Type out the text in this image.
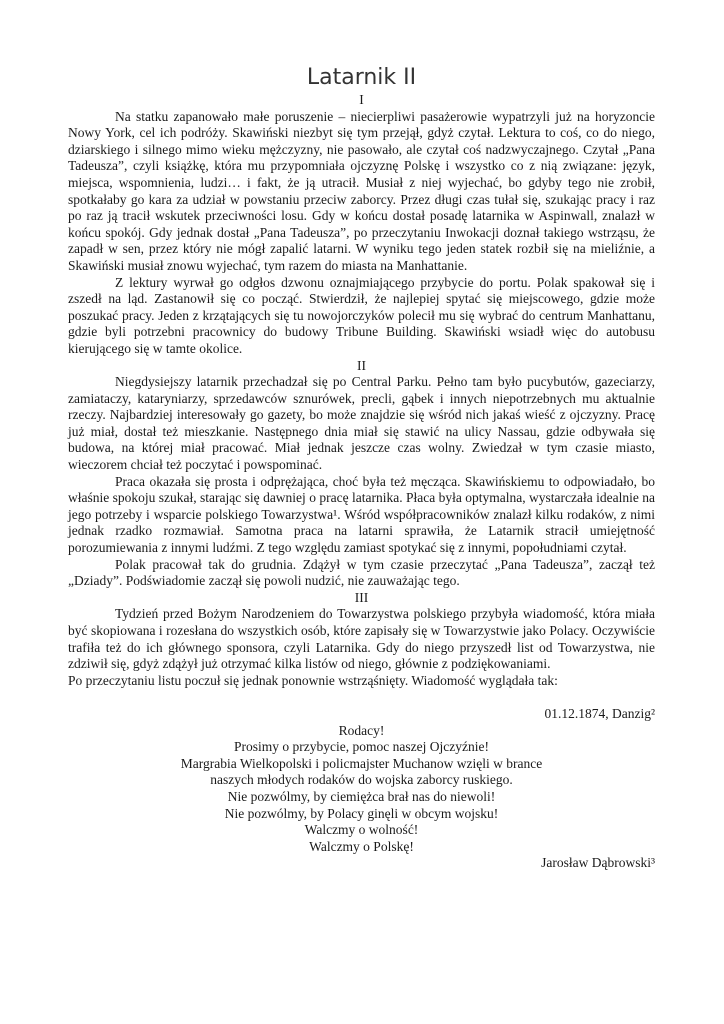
Latarnik II
I

Na statku zapanowało małe poruszenie – niecierpliwi pasażerowie wypatrzyli już na horyzoncie Nowy York, cel ich podróży. Skawiński niezbyt się tym przejął, gdyż czytał. Lektura to coś, co do niego, dziarskiego i silnego mimo wieku mężczyzny, nie pasowało, ale czytał coś nadzwyczajnego. Czytał „Pana Tadeusza”, czyli książkę, która mu przypomniała ojczyznę Polskę i wszystko co z nią związane: język, miejsca, wspomnienia, ludzi… i fakt, że ją utracił. Musiał z niej wyjechać, bo gdyby tego nie zrobił, spotkałaby go kara za udział w powstaniu przeciw zaborcy. Przez długi czas tułał się, szukając pracy i raz po raz ją tracił wskutek przeciwności losu. Gdy w końcu dostał posadę latarnika w Aspinwall, znalazł w końcu spokój. Gdy jednak dostał „Pana Tadeusza”, po przeczytaniu Inwokacji doznał takiego wstrząsu, że zapadł w sen, przez który nie mógł zapalić latarni. W wyniku tego jeden statek rozbił się na mieliźnie, a Skawiński musiał znowu wyjechać, tym razem do miasta na Manhattanie.

Z lektury wyrwał go odgłos dzwonu oznajmiającego przybycie do portu. Polak spakował się i zszedł na ląd. Zastanowił się co począć. Stwierdził, że najlepiej spytać się miejscowego, gdzie może poszukać pracy. Jeden z krzątających się tu nowojorczyków polecił mu się wybrać do centrum Manhattanu, gdzie byli potrzebni pracownicy do budowy Tribune Building. Skawiński wsiadł więc do autobusu kierującego się w tamte okolice.

II

Niegdysiejszy latarnik przechadzał się po Central Parku. Pełno tam było pucybutów, gazeciarzy, zamiataczy, kataryniarzy, sprzedawców sznurówek, precli, gąbek i innych niepotrzebnych mu aktualnie rzeczy. Najbardziej interesowały go gazety, bo może znajdzie się wśród nich jakaś wieść z ojczyzny. Pracę już miał, dostał też mieszkanie. Następnego dnia miał się stawić na ulicy Nassau, gdzie odbywała się budowa, na której miał pracować. Miał jednak jeszcze czas wolny. Zwiedzał w tym czasie miasto, wieczorem chciał też poczytać i powspominać.

Praca okazała się prosta i odprężająca, choć była też męcząca. Skawińskiemu to odpowiadało, bo właśnie spokoju szukał, starając się dawniej o pracę latarnika. Płaca była optymalna, wystarczała idealnie na jego potrzeby i wsparcie polskiego Towarzystwa¹. Wśród współpracowników znalazł kilku rodaków, z nimi jednak rzadko rozmawiał. Samotna praca na latarni sprawiła, że Latarnik stracił umiejętność porozumiewania z innymi ludźmi. Z tego względu zamiast spotykać się z innymi, popołudniami czytał.

Polak pracował tak do grudnia. Zdążył w tym czasie przeczytać „Pana Tadeusza”, zaczął też „Dziady”. Podświadomie zaczął się powoli nudzić, nie zauważając tego.

III

Tydzień przed Bożym Narodzeniem do Towarzystwa polskiego przybyła wiadomość, która miała być skopiowana i rozesłana do wszystkich osób, które zapisały się w Towarzystwie jako Polacy. Oczywiście trafiła też do ich głównego sponsora, czyli Latarnika. Gdy do niego przyszedł list od Towarzystwa, nie zdziwił się, gdyż zdążył już otrzymać kilka listów od niego, głównie z podziękowaniami.

Po przeczytaniu listu poczuł się jednak ponownie wstrząśnięty. Wiadomość wyglądała tak:

01.12.1874, Danzig²

Rodacy!

Prosimy o przybycie, pomoc naszej Ojczyźnie!

Margrabia Wielkopolski i policmajster Muchanow wzięli w brance

naszych młodych rodaków do wojska zaborcy ruskiego.

Nie pozwólmy, by ciemiężca brał nas do niewoli!

Nie pozwólmy, by Polacy ginęli w obcym wojsku!

Walczmy o wolność!

Walczmy o Polskę!

Jarosław Dąbrowski³
